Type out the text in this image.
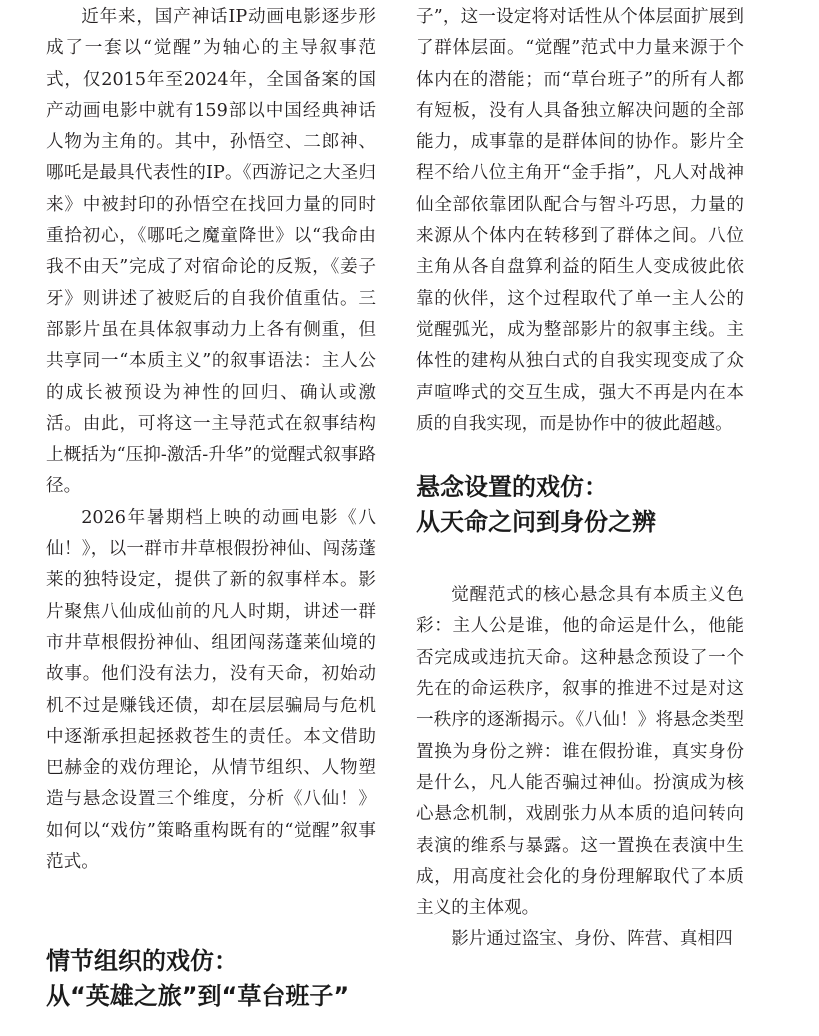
近年来，国产神话IP动画电影逐步形成了一套以“觉醒”为轴心的主导叙事范式，仅2015年至2024年，全国备案的国产动画电影中就有159部以中国经典神话人物为主角的。其中，孙悟空、二郎神、哪吒是最具代表性的IP。《西游记之大圣归来》中被封印的孙悟空在找回力量的同时重拾初心，《哪吒之魔童降世》以“我命由我不由天”完成了对宿命论的反叛，《姜子牙》则讲述了被贬后的自我价值重估。三部影片虽在具体叙事动力上各有侧重，但共享同一“本质主义”的叙事语法：主人公的成长被预设为神性的回归、确认或激活。由此，可将这一主导范式在叙事结构上概括为“压抑-激活-升华”的觉醒式叙事路径。

2026年暑期档上映的动画电影《八仙！》，以一群市井草根假扮神仙、闯荡蓬莱的独特设定，提供了新的叙事样本。影片聚焦八仙成仙前的凡人时期，讲述一群市井草根假扮神仙、组团闯荡蓬莱仙境的故事。他们没有法力，没有天命，初始动机不过是赚钱还债，却在层层骗局与危机中逐渐承担起拯救苍生的责任。本文借助巴赫金的戏仿理论，从情节组织、人物塑造与悬念设置三个维度，分析《八仙！》如何以“戏仿”策略重构既有的“觉醒”叙事范式。

情节组织的戏仿：
从“英雄之旅”到“草台班子”

子”，这一设定将对话性从个体层面扩展到了群体层面。“觉醒”范式中力量来源于个体内在的潜能；而“草台班子”的所有人都有短板，没有人具备独立解决问题的全部能力，成事靠的是群体间的协作。影片全程不给八位主角开“金手指”，凡人对战神仙全部依靠团队配合与智斗巧思，力量的来源从个体内在转移到了群体之间。八位主角从各自盘算利益的陌生人变成彼此依靠的伙伴，这个过程取代了单一主人公的觉醒弧光，成为整部影片的叙事主线。主体性的建构从独白式的自我实现变成了众声喧哗式的交互生成，强大不再是内在本质的自我实现，而是协作中的彼此超越。

悬念设置的戏仿：
从天命之问到身份之辨

觉醒范式的核心悬念具有本质主义色彩：主人公是谁，他的命运是什么，他能否完成或违抗天命。这种悬念预设了一个先在的命运秩序，叙事的推进不过是对这一秩序的逐渐揭示。《八仙！》将悬念类型置换为身份之辨：谁在假扮谁，真实身份是什么，凡人能否骗过神仙。扮演成为核心悬念机制，戏剧张力从本质的追问转向表演的维系与暴露。这一置换在表演中生成，用高度社会化的身份理解取代了本质主义的主体观。

影片通过盗宝、身份、阵营、真相四
